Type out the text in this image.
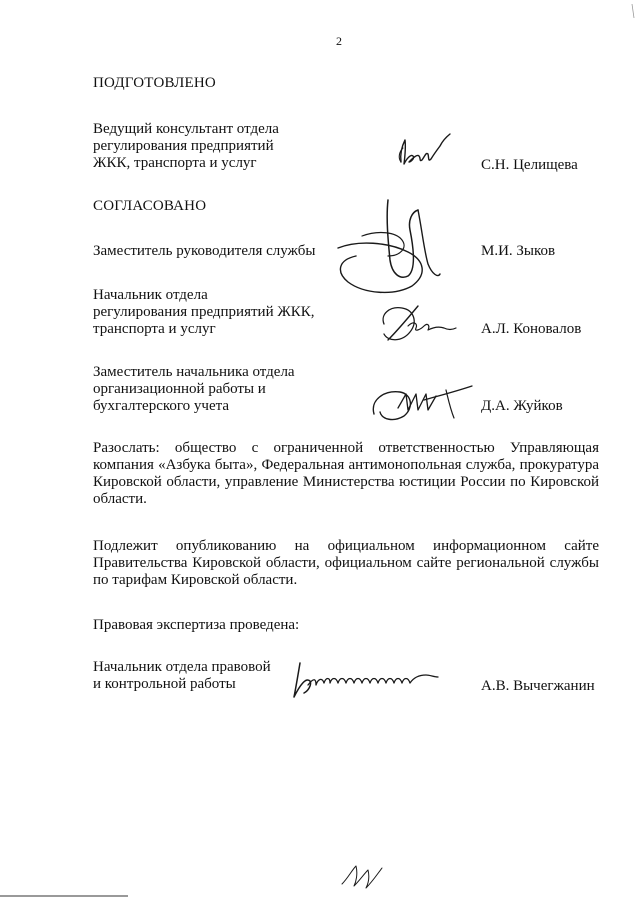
2
ПОДГОТОВЛЕНО
Ведущий консультант отдела
регулирования предприятий
ЖКК, транспорта и услуг	С.Н. Целищева
СОГЛАСОВАНО
Заместитель руководителя службы	М.И. Зыков
Начальник отдела
регулирования предприятий ЖКК,
транспорта и услуг	А.Л. Коновалов
Заместитель начальника отдела
организационной работы и
бухгалтерского учета	Д.А. Жуйков
Разослать: общество с ограниченной ответственностью Управляющая компания «Азбука быта», Федеральная антимонопольная служба, прокуратура Кировской области, управление Министерства юстиции России по Кировской области.
Подлежит опубликованию на официальном информационном сайте Правительства Кировской области, официальном сайте региональной службы по тарифам Кировской области.
Правовая экспертиза проведена:
Начальник отдела правовой
и контрольной работы	А.В. Вычегжанин
